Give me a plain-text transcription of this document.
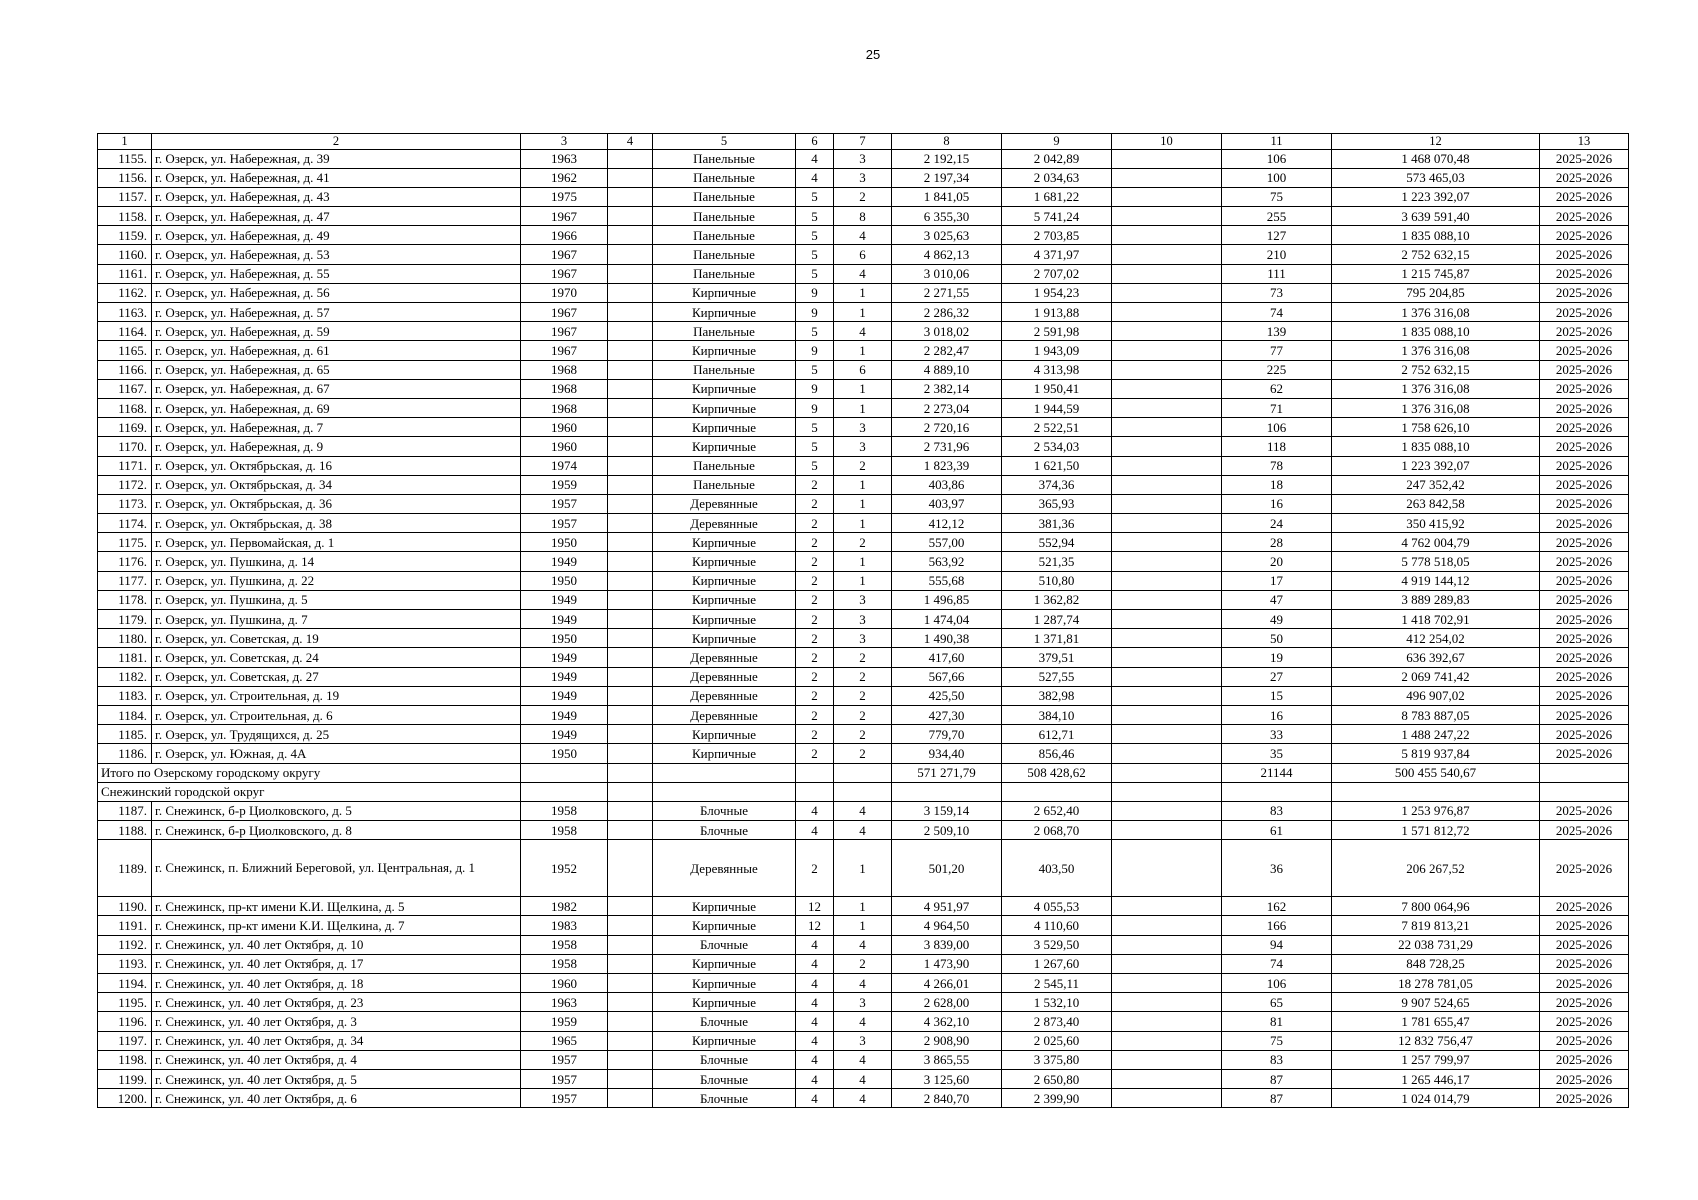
25
1	2	3	4	5	6	7	8	9	10	11	12	13
1155.	г. Озерск, ул. Набережная, д. 39	1963		Панельные	4	3	2 192,15	2 042,89		106	1 468 070,48	2025-2026
1156.	г. Озерск, ул. Набережная, д. 41	1962		Панельные	4	3	2 197,34	2 034,63		100	573 465,03	2025-2026
1157.	г. Озерск, ул. Набережная, д. 43	1975		Панельные	5	2	1 841,05	1 681,22		75	1 223 392,07	2025-2026
1158.	г. Озерск, ул. Набережная, д. 47	1967		Панельные	5	8	6 355,30	5 741,24		255	3 639 591,40	2025-2026
1159.	г. Озерск, ул. Набережная, д. 49	1966		Панельные	5	4	3 025,63	2 703,85		127	1 835 088,10	2025-2026
1160.	г. Озерск, ул. Набережная, д. 53	1967		Панельные	5	6	4 862,13	4 371,97		210	2 752 632,15	2025-2026
1161.	г. Озерск, ул. Набережная, д. 55	1967		Панельные	5	4	3 010,06	2 707,02		111	1 215 745,87	2025-2026
1162.	г. Озерск, ул. Набережная, д. 56	1970		Кирпичные	9	1	2 271,55	1 954,23		73	795 204,85	2025-2026
1163.	г. Озерск, ул. Набережная, д. 57	1967		Кирпичные	9	1	2 286,32	1 913,88		74	1 376 316,08	2025-2026
1164.	г. Озерск, ул. Набережная, д. 59	1967		Панельные	5	4	3 018,02	2 591,98		139	1 835 088,10	2025-2026
1165.	г. Озерск, ул. Набережная, д. 61	1967		Кирпичные	9	1	2 282,47	1 943,09		77	1 376 316,08	2025-2026
1166.	г. Озерск, ул. Набережная, д. 65	1968		Панельные	5	6	4 889,10	4 313,98		225	2 752 632,15	2025-2026
1167.	г. Озерск, ул. Набережная, д. 67	1968		Кирпичные	9	1	2 382,14	1 950,41		62	1 376 316,08	2025-2026
1168.	г. Озерск, ул. Набережная, д. 69	1968		Кирпичные	9	1	2 273,04	1 944,59		71	1 376 316,08	2025-2026
1169.	г. Озерск, ул. Набережная, д. 7	1960		Кирпичные	5	3	2 720,16	2 522,51		106	1 758 626,10	2025-2026
1170.	г. Озерск, ул. Набережная, д. 9	1960		Кирпичные	5	3	2 731,96	2 534,03		118	1 835 088,10	2025-2026
1171.	г. Озерск, ул. Октябрьская, д. 16	1974		Панельные	5	2	1 823,39	1 621,50		78	1 223 392,07	2025-2026
1172.	г. Озерск, ул. Октябрьская, д. 34	1959		Панельные	2	1	403,86	374,36		18	247 352,42	2025-2026
1173.	г. Озерск, ул. Октябрьская, д. 36	1957		Деревянные	2	1	403,97	365,93		16	263 842,58	2025-2026
1174.	г. Озерск, ул. Октябрьская, д. 38	1957		Деревянные	2	1	412,12	381,36		24	350 415,92	2025-2026
1175.	г. Озерск, ул. Первомайская, д. 1	1950		Кирпичные	2	2	557,00	552,94		28	4 762 004,79	2025-2026
1176.	г. Озерск, ул. Пушкина, д. 14	1949		Кирпичные	2	1	563,92	521,35		20	5 778 518,05	2025-2026
1177.	г. Озерск, ул. Пушкина, д. 22	1950		Кирпичные	2	1	555,68	510,80		17	4 919 144,12	2025-2026
1178.	г. Озерск, ул. Пушкина, д. 5	1949		Кирпичные	2	3	1 496,85	1 362,82		47	3 889 289,83	2025-2026
1179.	г. Озерск, ул. Пушкина, д. 7	1949		Кирпичные	2	3	1 474,04	1 287,74		49	1 418 702,91	2025-2026
1180.	г. Озерск, ул. Советская, д. 19	1950		Кирпичные	2	3	1 490,38	1 371,81		50	412 254,02	2025-2026
1181.	г. Озерск, ул. Советская, д. 24	1949		Деревянные	2	2	417,60	379,51		19	636 392,67	2025-2026
1182.	г. Озерск, ул. Советская, д. 27	1949		Деревянные	2	2	567,66	527,55		27	2 069 741,42	2025-2026
1183.	г. Озерск, ул. Строительная, д. 19	1949		Деревянные	2	2	425,50	382,98		15	496 907,02	2025-2026
1184.	г. Озерск, ул. Строительная, д. 6	1949		Деревянные	2	2	427,30	384,10		16	8 783 887,05	2025-2026
1185.	г. Озерск, ул. Трудящихся, д. 25	1949		Кирпичные	2	2	779,70	612,71		33	1 488 247,22	2025-2026
1186.	г. Озерск, ул. Южная, д. 4А	1950		Кирпичные	2	2	934,40	856,46		35	5 819 937,84	2025-2026
Итого по Озерскому городскому округу							571 271,79	508 428,62		21144	500 455 540,67	
Снежинский городской округ												
1187.	г. Снежинск, б-р Циолковского, д. 5	1958		Блочные	4	4	3 159,14	2 652,40		83	1 253 976,87	2025-2026
1188.	г. Снежинск, б-р Циолковского, д. 8	1958		Блочные	4	4	2 509,10	2 068,70		61	1 571 812,72	2025-2026
1189.	г. Снежинск, п. Ближний Береговой, ул. Центральная, д. 1	1952		Деревянные	2	1	501,20	403,50		36	206 267,52	2025-2026
1190.	г. Снежинск, пр-кт имени К.И. Щелкина, д. 5	1982		Кирпичные	12	1	4 951,97	4 055,53		162	7 800 064,96	2025-2026
1191.	г. Снежинск, пр-кт имени К.И. Щелкина, д. 7	1983		Кирпичные	12	1	4 964,50	4 110,60		166	7 819 813,21	2025-2026
1192.	г. Снежинск, ул. 40 лет Октября, д. 10	1958		Блочные	4	4	3 839,00	3 529,50		94	22 038 731,29	2025-2026
1193.	г. Снежинск, ул. 40 лет Октября, д. 17	1958		Кирпичные	4	2	1 473,90	1 267,60		74	848 728,25	2025-2026
1194.	г. Снежинск, ул. 40 лет Октября, д. 18	1960		Кирпичные	4	4	4 266,01	2 545,11		106	18 278 781,05	2025-2026
1195.	г. Снежинск, ул. 40 лет Октября, д. 23	1963		Кирпичные	4	3	2 628,00	1 532,10		65	9 907 524,65	2025-2026
1196.	г. Снежинск, ул. 40 лет Октября, д. 3	1959		Блочные	4	4	4 362,10	2 873,40		81	1 781 655,47	2025-2026
1197.	г. Снежинск, ул. 40 лет Октября, д. 34	1965		Кирпичные	4	3	2 908,90	2 025,60		75	12 832 756,47	2025-2026
1198.	г. Снежинск, ул. 40 лет Октября, д. 4	1957		Блочные	4	4	3 865,55	3 375,80		83	1 257 799,97	2025-2026
1199.	г. Снежинск, ул. 40 лет Октября, д. 5	1957		Блочные	4	4	3 125,60	2 650,80		87	1 265 446,17	2025-2026
1200.	г. Снежинск, ул. 40 лет Октября, д. 6	1957		Блочные	4	4	2 840,70	2 399,90		87	1 024 014,79	2025-2026
